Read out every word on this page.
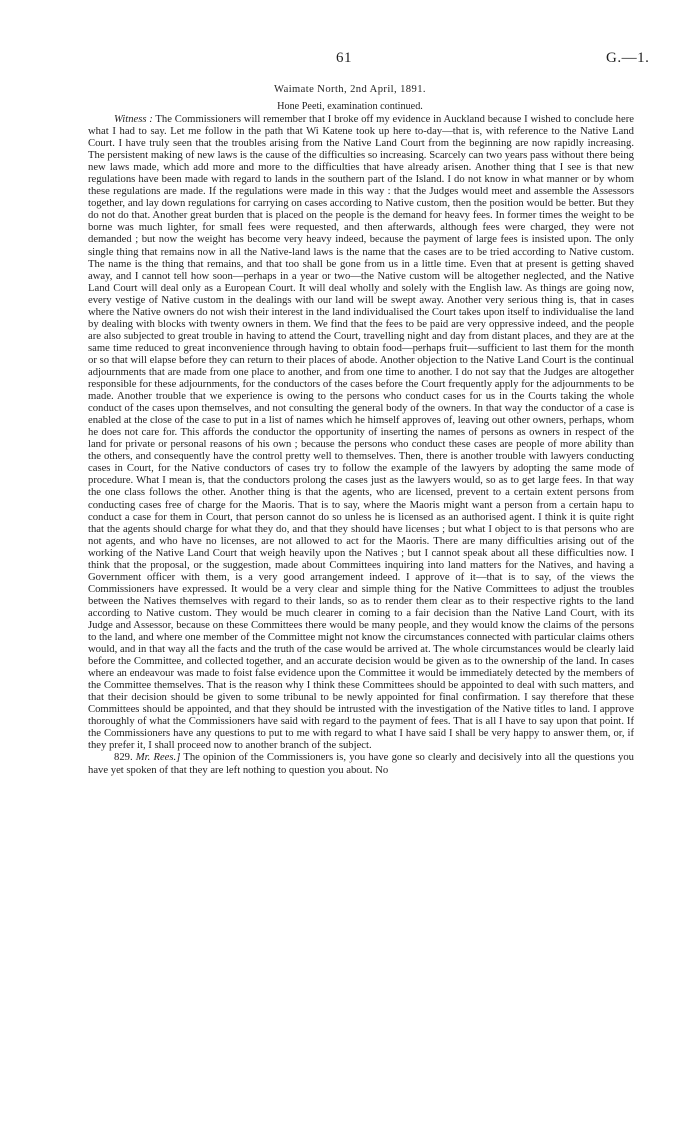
61	G.—1.
Waimate North, 2nd April, 1891.
Hone Peeti, examination continued.

Witness : The Commissioners will remember that I broke off my evidence in Auckland because I wished to conclude here what I had to say. Let me follow in the path that Wi Katene took up here to-day—that is, with reference to the Native Land Court. I have truly seen that the troubles arising from the Native Land Court from the beginning are now rapidly increasing. The persistent making of new laws is the cause of the difficulties so increasing. Scarcely can two years pass without there being new laws made, which add more and more to the difficulties that have already arisen. Another thing that I see is that new regulations have been made with regard to lands in the southern part of the Island. I do not know in what manner or by whom these regulations are made. If the regulations were made in this way : that the Judges would meet and assemble the Assessors together, and lay down regulations for carrying on cases according to Native custom, then the position would be better. But they do not do that. Another great burden that is placed on the people is the demand for heavy fees. In former times the weight to be borne was much lighter, for small fees were requested, and then afterwards, although fees were charged, they were not demanded ; but now the weight has become very heavy indeed, because the payment of large fees is insisted upon. The only single thing that remains now in all the Native-land laws is the name that the cases are to be tried according to Native custom. The name is the thing that remains, and that too shall be gone from us in a little time. Even that at present is getting shaved away, and I cannot tell how soon—perhaps in a year or two—the Native custom will be altogether neglected, and the Native Land Court will deal only as a European Court. It will deal wholly and solely with the English law. As things are going now, every vestige of Native custom in the dealings with our land will be swept away. Another very serious thing is, that in cases where the Native owners do not wish their interest in the land individualised the Court takes upon itself to individualise the land by dealing with blocks with twenty owners in them. We find that the fees to be paid are very oppressive indeed, and the people are also subjected to great trouble in having to attend the Court, travelling night and day from distant places, and they are at the same time reduced to great inconvenience through having to obtain food—perhaps fruit—sufficient to last them for the month or so that will elapse before they can return to their places of abode. Another objection to the Native Land Court is the continual adjournments that are made from one place to another, and from one time to another. I do not say that the Judges are altogether responsible for these adjournments, for the conductors of the cases before the Court frequently apply for the adjournments to be made. Another trouble that we experience is owing to the persons who conduct cases for us in the Courts taking the whole conduct of the cases upon themselves, and not consulting the general body of the owners. In that way the conductor of a case is enabled at the close of the case to put in a list of names which he himself approves of, leaving out other owners, perhaps, whom he does not care for. This affords the conductor the opportunity of inserting the names of persons as owners in respect of the land for private or personal reasons of his own ; because the persons who conduct these cases are people of more ability than the others, and consequently have the control pretty well to themselves. Then, there is another trouble with lawyers conducting cases in Court, for the Native conductors of cases try to follow the example of the lawyers by adopting the same mode of procedure. What I mean is, that the conductors prolong the cases just as the lawyers would, so as to get large fees. In that way the one class follows the other. Another thing is that the agents, who are licensed, prevent to a certain extent persons from conducting cases free of charge for the Maoris. That is to say, where the Maoris might want a person from a certain hapu to conduct a case for them in Court, that person cannot do so unless he is licensed as an authorised agent. I think it is quite right that the agents should charge for what they do, and that they should have licenses ; but what I object to is that persons who are not agents, and who have no licenses, are not allowed to act for the Maoris. There are many difficulties arising out of the working of the Native Land Court that weigh heavily upon the Natives ; but I cannot speak about all these difficulties now. I think that the proposal, or the suggestion, made about Committees inquiring into land matters for the Natives, and having a Government officer with them, is a very good arrangement indeed. I approve of it—that is to say, of the views the Commissioners have expressed. It would be a very clear and simple thing for the Native Committees to adjust the troubles between the Natives themselves with regard to their lands, so as to render them clear as to their respective rights to the land according to Native custom. They would be much clearer in coming to a fair decision than the Native Land Court, with its Judge and Assessor, because on these Committees there would be many people, and they would know the claims of the persons to the land, and where one member of the Committee might not know the circumstances connected with particular claims others would, and in that way all the facts and the truth of the case would be arrived at. The whole circumstances would be clearly laid before the Committee, and collected together, and an accurate decision would be given as to the ownership of the land. In cases where an endeavour was made to foist false evidence upon the Committee it would be immediately detected by the members of the Committee themselves. That is the reason why I think these Committees should be appointed to deal with such matters, and that their decision should be given to some tribunal to be newly appointed for final confirmation. I say therefore that these Committees should be appointed, and that they should be intrusted with the investigation of the Native titles to land. I approve thoroughly of what the Commissioners have said with regard to the payment of fees. That is all I have to say upon that point. If the Commissioners have any questions to put to me with regard to what I have said I shall be very happy to answer them, or, if they prefer it, I shall proceed now to another branch of the subject.

829. Mr. Rees.] The opinion of the Commissioners is, you have gone so clearly and decisively into all the questions you have yet spoken of that they are left nothing to question you about. No
